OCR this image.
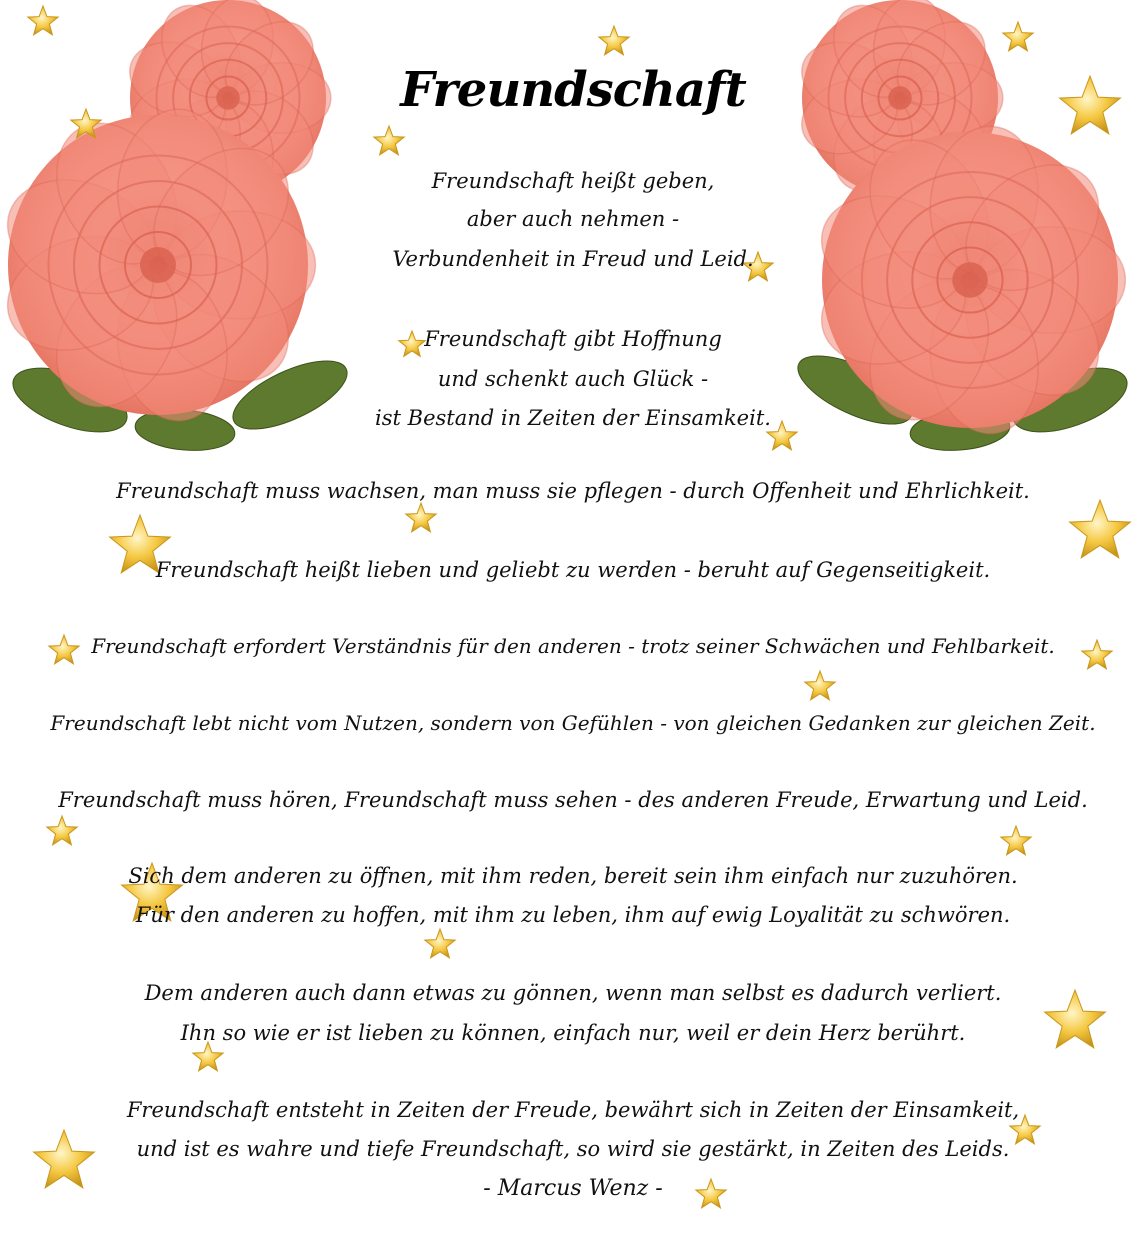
Freundschaft

Freundschaft heißt geben,

aber auch nehmen -

Verbundenheit in Freud und Leid.

Freundschaft gibt Hoffnung

und schenkt auch Glück -

ist Bestand in Zeiten der Einsamkeit.

Freundschaft muss wachsen, man muss sie pflegen - durch Offenheit und Ehrlichkeit.

Freundschaft heißt lieben und geliebt zu werden - beruht auf Gegenseitigkeit.

Freundschaft erfordert Verständnis für den anderen - trotz seiner Schwächen und Fehlbarkeit.

Freundschaft lebt nicht vom Nutzen, sondern von Gefühlen - von gleichen Gedanken zur gleichen Zeit.

Freundschaft muss hören, Freundschaft muss sehen - des anderen Freude, Erwartung und Leid.

Sich dem anderen zu öffnen, mit ihm reden, bereit sein ihm einfach nur zuzuhören.

Für den anderen zu hoffen, mit ihm zu leben, ihm auf ewig Loyalität zu schwören.

Dem anderen auch dann etwas zu gönnen, wenn man selbst es dadurch verliert.

Ihn so wie er ist lieben zu können, einfach nur, weil er dein Herz berührt.

Freundschaft entsteht in Zeiten der Freude, bewährt sich in Zeiten der Einsamkeit,

und ist es wahre und tiefe Freundschaft, so wird sie gestärkt, in Zeiten des Leids.

- Marcus Wenz -
